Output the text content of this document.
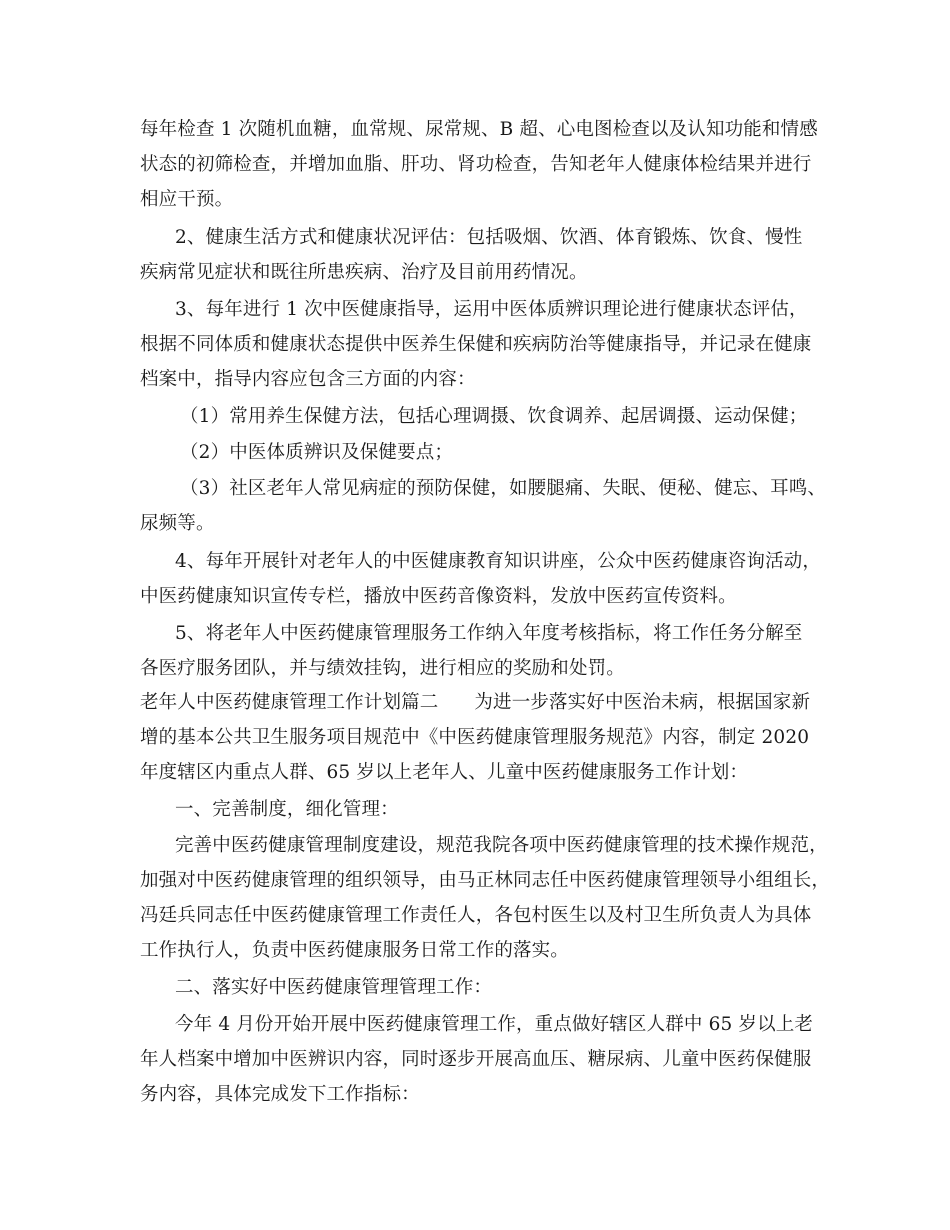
每年检查 1 次随机血糖，血常规、尿常规、B 超、心电图检查以及认知功能和情感
状态的初筛检查，并增加血脂、肝功、肾功检查，告知老年人健康体检结果并进行
相应干预。
2、健康生活方式和健康状况评估：包括吸烟、饮酒、体育锻炼、饮食、慢性
疾病常见症状和既往所患疾病、治疗及目前用药情况。
3、每年进行 1 次中医健康指导，运用中医体质辨识理论进行健康状态评估，
根据不同体质和健康状态提供中医养生保健和疾病防治等健康指导，并记录在健康
档案中，指导内容应包含三方面的内容：
（1）常用养生保健方法，包括心理调摄、饮食调养、起居调摄、运动保健；
（2）中医体质辨识及保健要点；
（3）社区老年人常见病症的预防保健，如腰腿痛、失眠、便秘、健忘、耳鸣、
尿频等。
4、每年开展针对老年人的中医健康教育知识讲座，公众中医药健康咨询活动，
中医药健康知识宣传专栏，播放中医药音像资料，发放中医药宣传资料。
5、将老年人中医药健康管理服务工作纳入年度考核指标，将工作任务分解至
各医疗服务团队，并与绩效挂钩，进行相应的奖励和处罚。
老年人中医药健康管理工作计划篇二 为进一步落实好中医治未病，根据国家新
增的基本公共卫生服务项目规范中《中医药健康管理服务规范》内容，制定 2020
年度辖区内重点人群、65 岁以上老年人、儿童中医药健康服务工作计划：
一、完善制度，细化管理：
完善中医药健康管理制度建设，规范我院各项中医药健康管理的技术操作规范，
加强对中医药健康管理的组织领导，由马正林同志任中医药健康管理领导小组组长，
冯廷兵同志任中医药健康管理工作责任人，各包村医生以及村卫生所负责人为具体
工作执行人，负责中医药健康服务日常工作的落实。
二、落实好中医药健康管理管理工作：
今年 4 月份开始开展中医药健康管理工作，重点做好辖区人群中 65 岁以上老
年人档案中增加中医辨识内容，同时逐步开展高血压、糖尿病、儿童中医药保健服
务内容，具体完成发下工作指标：
